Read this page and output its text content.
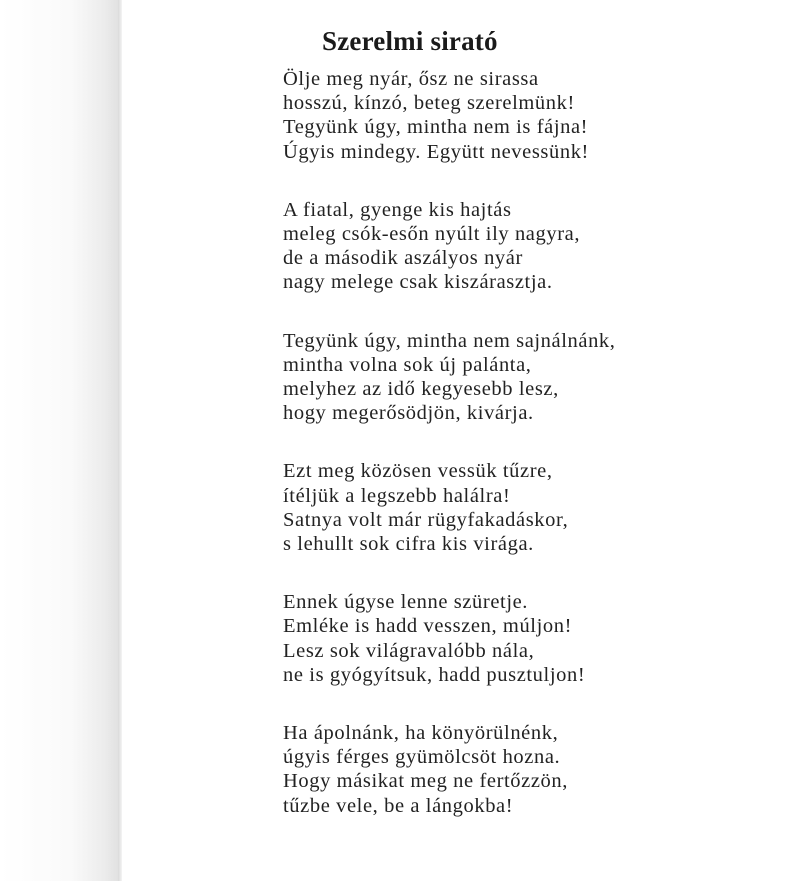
Szerelmi sirató

Ölje meg nyár, ősz ne sirassa
hosszú, kínzó, beteg szerelmünk!
Tegyünk úgy, mintha nem is fájna!
Úgyis mindegy. Együtt nevessünk!

A fiatal, gyenge kis hajtás
meleg csók-esőn nyúlt ily nagyra,
de a második aszályos nyár
nagy melege csak kiszárasztja.

Tegyünk úgy, mintha nem sajnálnánk,
mintha volna sok új palánta,
melyhez az idő kegyesebb lesz,
hogy megerősödjön, kivárja.

Ezt meg közösen vessük tűzre,
ítéljük a legszebb halálra!
Satnya volt már rügyfakadáskor,
s lehullt sok cifra kis virága.

Ennek úgyse lenne szüretje.
Emléke is hadd vesszen, múljon!
Lesz sok világravalóbb nála,
ne is gyógyítsuk, hadd pusztuljon!

Ha ápolnánk, ha könyörülnénk,
úgyis férges gyümölcsöt hozna.
Hogy másikat meg ne fertőzzön,
tűzbe vele, be a lángokba!
